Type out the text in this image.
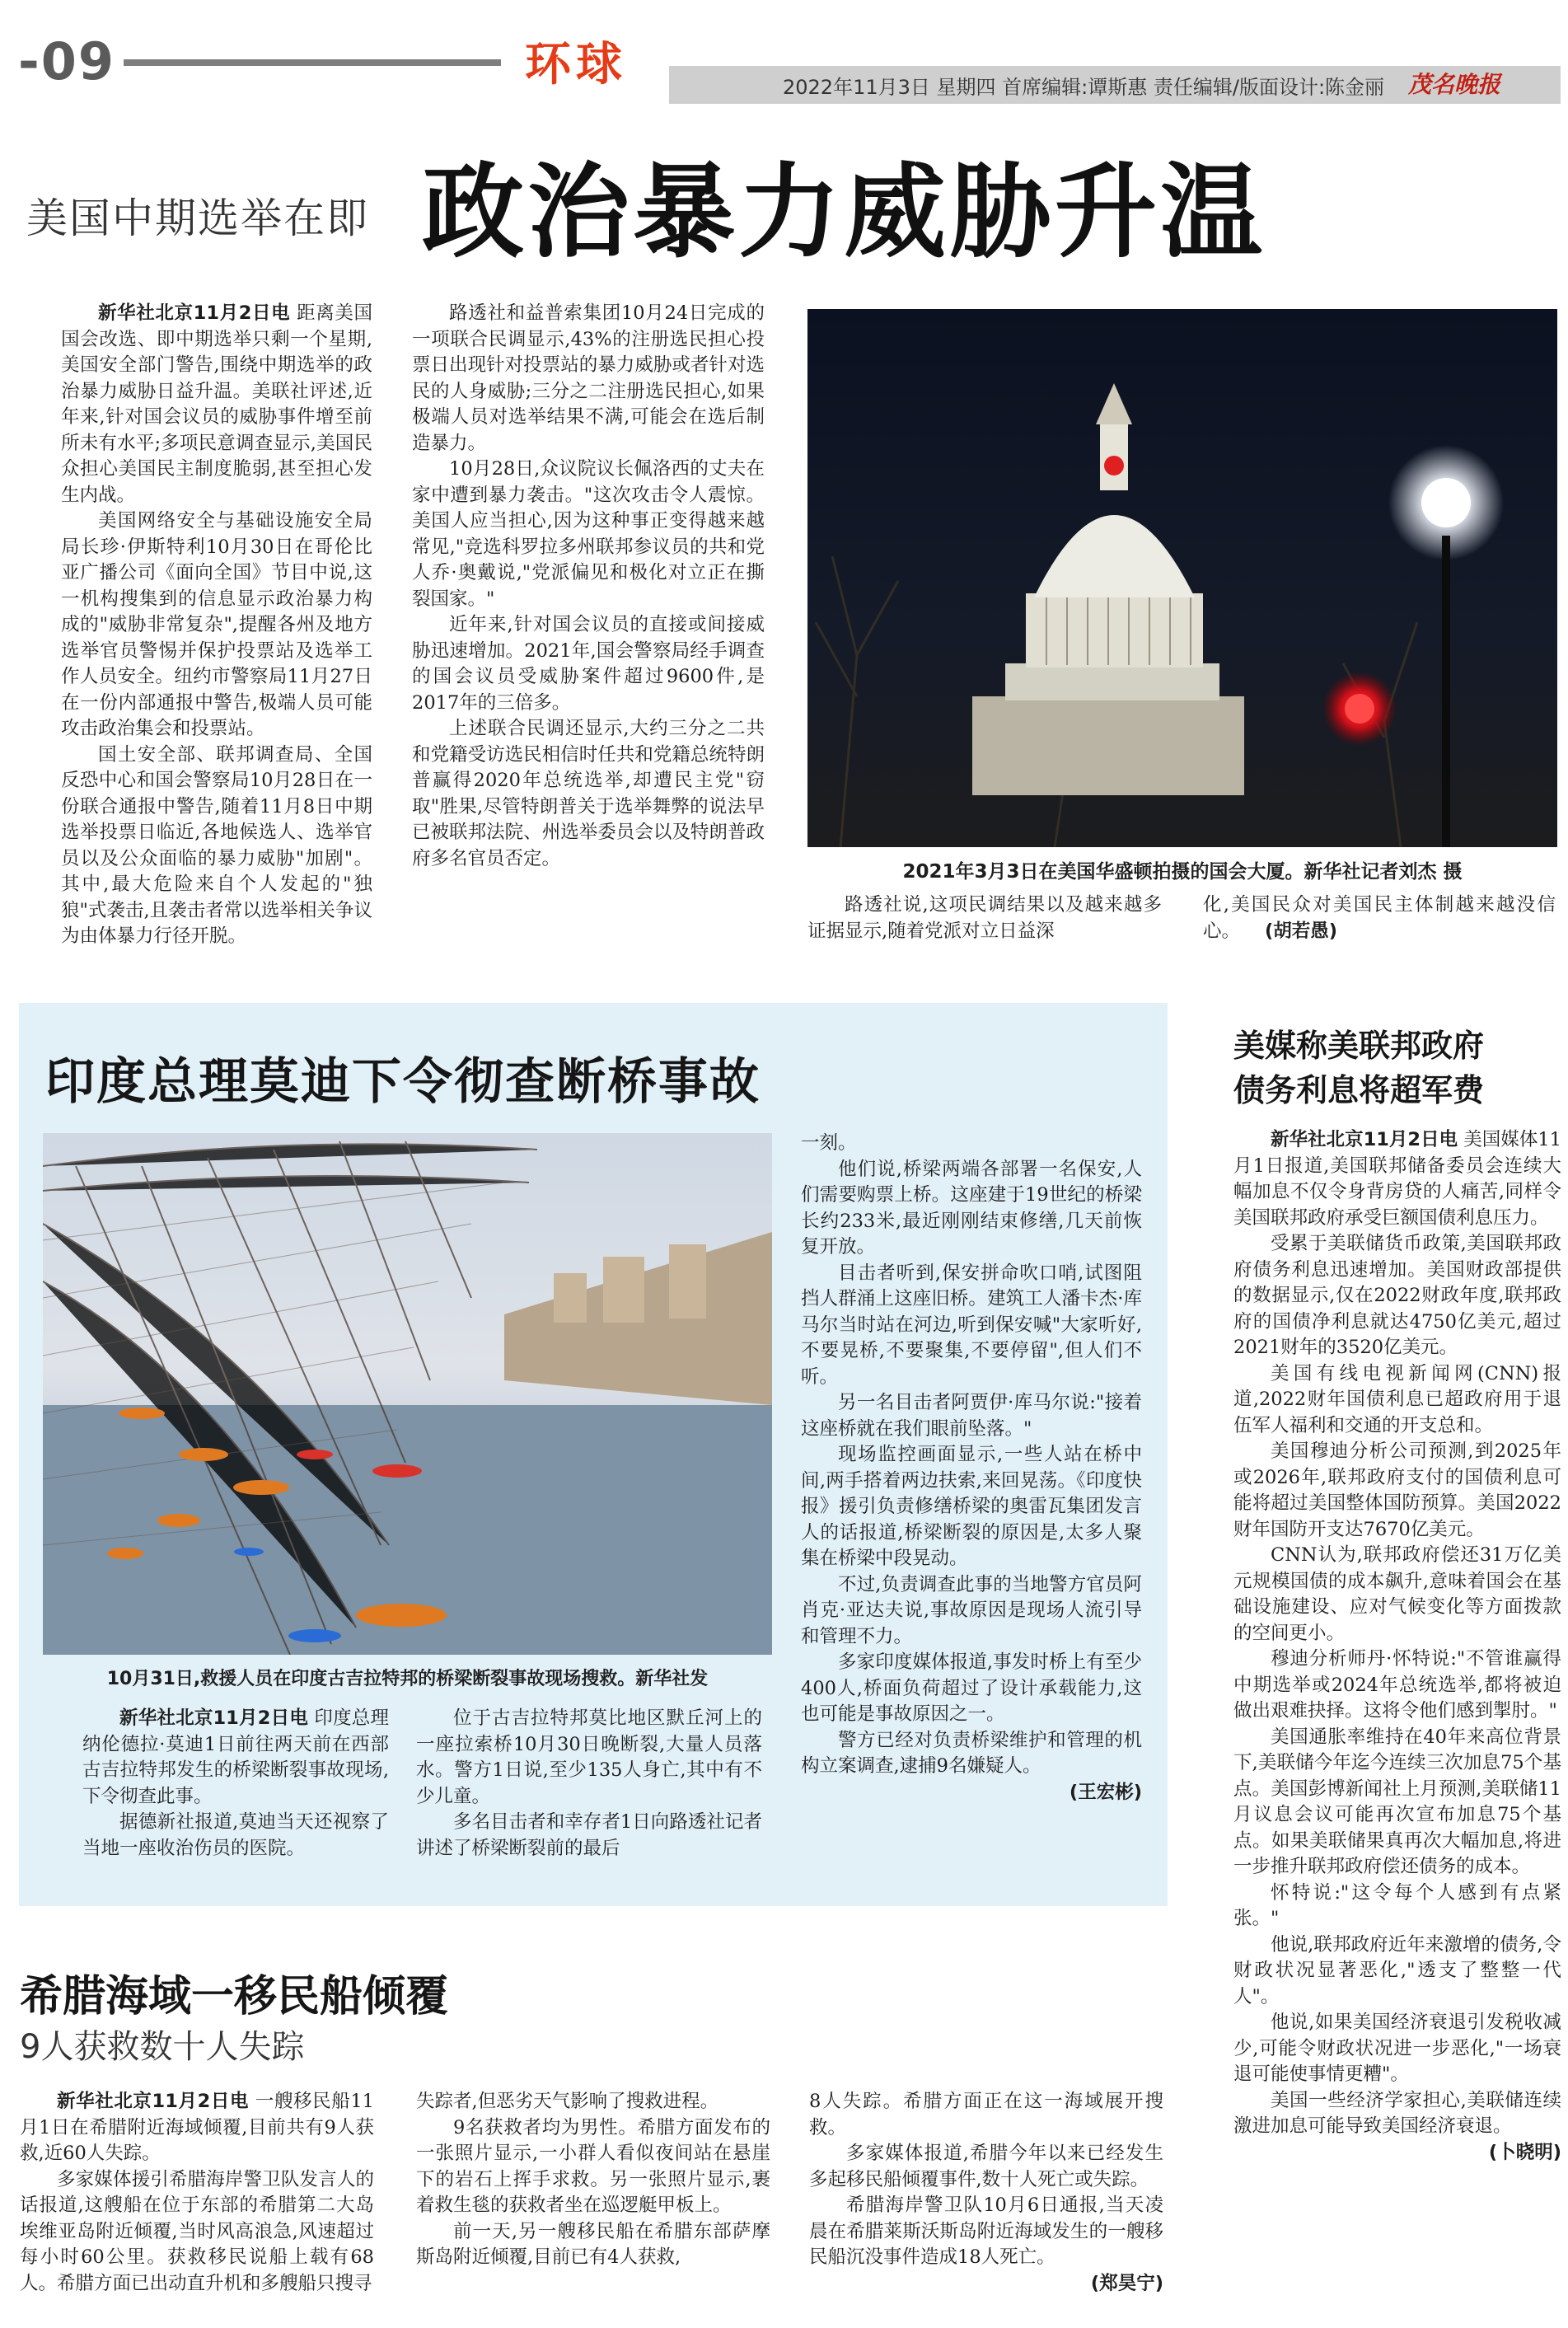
-09	环 球	2022年11月3日 星期四 首席编辑:谭斯惠 责任编辑/版面设计:陈金丽 茂名晚报
美国中期选举在即 政治暴力威胁升温

新华社北京11月2日电 距离美国国会改选、即中期选举只剩一个星期,美国安全部门警告,围绕中期选举的政治暴力威胁日益升温。美联社评述,近年来,针对国会议员的威胁事件增至前所未有水平;多项民意调查显示,美国民众担心美国民主制度脆弱,甚至担心发生内战。

美国网络安全与基础设施安全局局长珍·伊斯特利10月30日在哥伦比亚广播公司《面向全国》节目中说,这一机构搜集到的信息显示政治暴力构成的"威胁非常复杂",提醒各州及地方选举官员警惕并保护投票站及选举工作人员安全。纽约市警察局11月27日在一份内部通报中警告,极端人员可能攻击政治集会和投票站。

国土安全部、联邦调查局、全国反恐中心和国会警察局10月28日在一份联合通报中警告,随着11月8日中期选举投票日临近,各地候选人、选举官员以及公众面临的暴力威胁"加剧"。其中,最大危险来自个人发起的"独狼"式袭击,且袭击者常以选举相关争议为由体暴力行径开脱。

路透社和益普索集团10月24日完成的一项联合民调显示,43%的注册选民担心投票日出现针对投票站的暴力威胁或者针对选民的人身威胁;三分之二注册选民担心,如果极端人员对选举结果不满,可能会在选后制造暴力。

10月28日,众议院议长佩洛西的丈夫在家中遭到暴力袭击。"这次攻击令人震惊。美国人应当担心,因为这种事正变得越来越常见,"竞选科罗拉多州联邦参议员的共和党人乔·奥戴说,"党派偏见和极化对立正在撕裂国家。"

近年来,针对国会议员的直接或间接威胁迅速增加。2021年,国会警察局经手调查的国会议员受威胁案件超过9600件,是2017年的三倍多。

上述联合民调还显示,大约三分之二共和党籍受访选民相信时任共和党籍总统特朗普赢得2020年总统选举,却遭民主党"窃取"胜果,尽管特朗普关于选举舞弊的说法早已被联邦法院、州选举委员会以及特朗普政府多名官员否定。

2021年3月3日在美国华盛顿拍摄的国会大厦。新华社记者刘杰 摄

路透社说,这项民调结果以及越来越多证据显示,随着党派对立日益深

化,美国民众对美国民主体制越来越没信心。 (胡若愚)

印度总理莫迪下令彻查断桥事故
10月31日,救援人员在印度古吉拉特邦的桥梁断裂事故现场搜救。新华社发

新华社北京11月2日电 印度总理纳伦德拉·莫迪1日前往两天前在西部古吉拉特邦发生的桥梁断裂事故现场,下令彻查此事。

据德新社报道,莫迪当天还视察了当地一座收治伤员的医院。

位于古吉拉特邦莫比地区默丘河上的一座拉索桥10月30日晚断裂,大量人员落水。警方1日说,至少135人身亡,其中有不少儿童。

多名目击者和幸存者1日向路透社记者讲述了桥梁断裂前的最后

一刻。

他们说,桥梁两端各部署一名保安,人们需要购票上桥。这座建于19世纪的桥梁长约233米,最近刚刚结束修缮,几天前恢复开放。

目击者听到,保安拼命吹口哨,试图阻挡人群涌上这座旧桥。建筑工人潘卡杰·库马尔当时站在河边,听到保安喊"大家听好,不要晃桥,不要聚集,不要停留",但人们不听。

另一名目击者阿贾伊·库马尔说:"接着这座桥就在我们眼前坠落。"

现场监控画面显示,一些人站在桥中间,两手搭着两边扶索,来回晃荡。《印度快报》援引负责修缮桥梁的奥雷瓦集团发言人的话报道,桥梁断裂的原因是,太多人聚集在桥梁中段晃动。

不过,负责调查此事的当地警方官员阿肖克·亚达夫说,事故原因是现场人流引导和管理不力。

多家印度媒体报道,事发时桥上有至少400人,桥面负荷超过了设计承载能力,这也可能是事故原因之一。

警方已经对负责桥梁维护和管理的机构立案调查,逮捕9名嫌疑人。

(王宏彬)

美媒称美联邦政府
债务利息将超军费

新华社北京11月2日电 美国媒体11月1日报道,美国联邦储备委员会连续大幅加息不仅令身背房贷的人痛苦,同样令美国联邦政府承受巨额国债利息压力。

受累于美联储货币政策,美国联邦政府债务利息迅速增加。美国财政部提供的数据显示,仅在2022财政年度,联邦政府的国债净利息就达4750亿美元,超过2021财年的3520亿美元。

美国有线电视新闻网(CNN)报道,2022财年国债利息已超政府用于退伍军人福利和交通的开支总和。

美国穆迪分析公司预测,到2025年或2026年,联邦政府支付的国债利息可能将超过美国整体国防预算。美国2022财年国防开支达7670亿美元。

CNN认为,联邦政府偿还31万亿美元规模国债的成本飙升,意味着国会在基础设施建设、应对气候变化等方面拨款的空间更小。

穆迪分析师丹·怀特说:"不管谁赢得中期选举或2024年总统选举,都将被迫做出艰难抉择。这将令他们感到掣肘。"

美国通胀率维持在40年来高位背景下,美联储今年迄今连续三次加息75个基点。美国彭博新闻社上月预测,美联储11月议息会议可能再次宣布加息75个基点。如果美联储果真再次大幅加息,将进一步推升联邦政府偿还债务的成本。

怀特说:"这令每个人感到有点紧张。"

他说,联邦政府近年来激增的债务,令财政状况显著恶化,"透支了整整一代人"。

他说,如果美国经济衰退引发税收减少,可能令财政状况进一步恶化,"一场衰退可能使事情更糟"。

美国一些经济学家担心,美联储连续激进加息可能导致美国经济衰退。

(卜晓明)

希腊海域一移民船倾覆
9人获救数十人失踪

新华社北京11月2日电 一艘移民船11月1日在希腊附近海域倾覆,目前共有9人获救,近60人失踪。

多家媒体援引希腊海岸警卫队发言人的话报道,这艘船在位于东部的希腊第二大岛埃维亚岛附近倾覆,当时风高浪急,风速超过每小时60公里。获救移民说船上载有68人。希腊方面已出动直升机和多艘船只搜寻

失踪者,但恶劣天气影响了搜救进程。

9名获救者均为男性。希腊方面发布的一张照片显示,一小群人看似夜间站在悬崖下的岩石上挥手求救。另一张照片显示,裹着救生毯的获救者坐在巡逻艇甲板上。

前一天,另一艘移民船在希腊东部萨摩斯岛附近倾覆,目前已有4人获救,

8人失踪。希腊方面正在这一海域展开搜救。

多家媒体报道,希腊今年以来已经发生多起移民船倾覆事件,数十人死亡或失踪。

希腊海岸警卫队10月6日通报,当天凌晨在希腊莱斯沃斯岛附近海域发生的一艘移民船沉没事件造成18人死亡。

(郑昊宁)
